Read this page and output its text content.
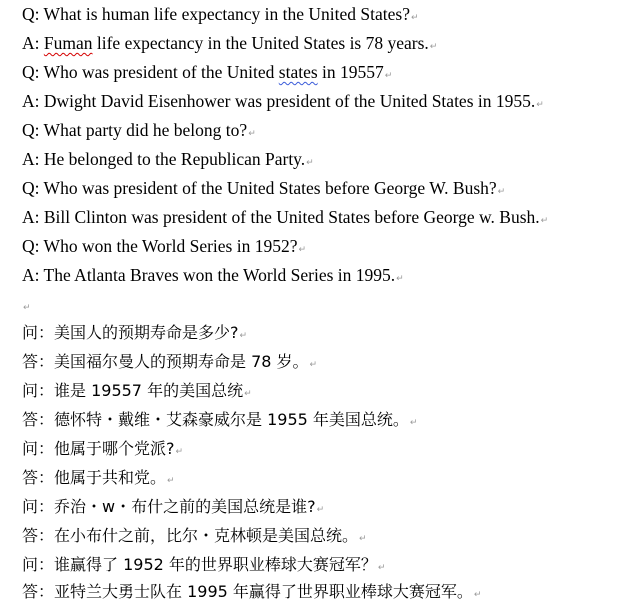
Q: What is human life expectancy in the United States?↵
A: Fuman life expectancy in the United States is 78 years.↵
Q: Who was president of the United states in 19557↵
A: Dwight David Eisenhower was president of the United States in 1955.↵
Q: What party did he belong to?↵
A: He belonged to the Republican Party.↵
Q: Who was president of the United States before George W. Bush?↵
A: Bill Clinton was president of the United States before George w. Bush.↵
Q: Who won the World Series in 1952?↵
A: The Atlanta Braves won the World Series in 1995.↵
↵
问：美国人的预期寿命是多少?↵
答：美国福尔曼人的预期寿命是 78 岁。↵
问：谁是 19557 年的美国总统↵
答：德怀特・戴维・艾森豪威尔是 1955 年美国总统。↵
问：他属于哪个党派?↵
答：他属于共和党。↵
问：乔治・w・布什之前的美国总统是谁?↵
答：在小布什之前，比尔・克林顿是美国总统。↵
问：谁赢得了 1952 年的世界职业棒球大赛冠军？↵
答：亚特兰大勇士队在 1995 年赢得了世界职业棒球大赛冠军。↵
